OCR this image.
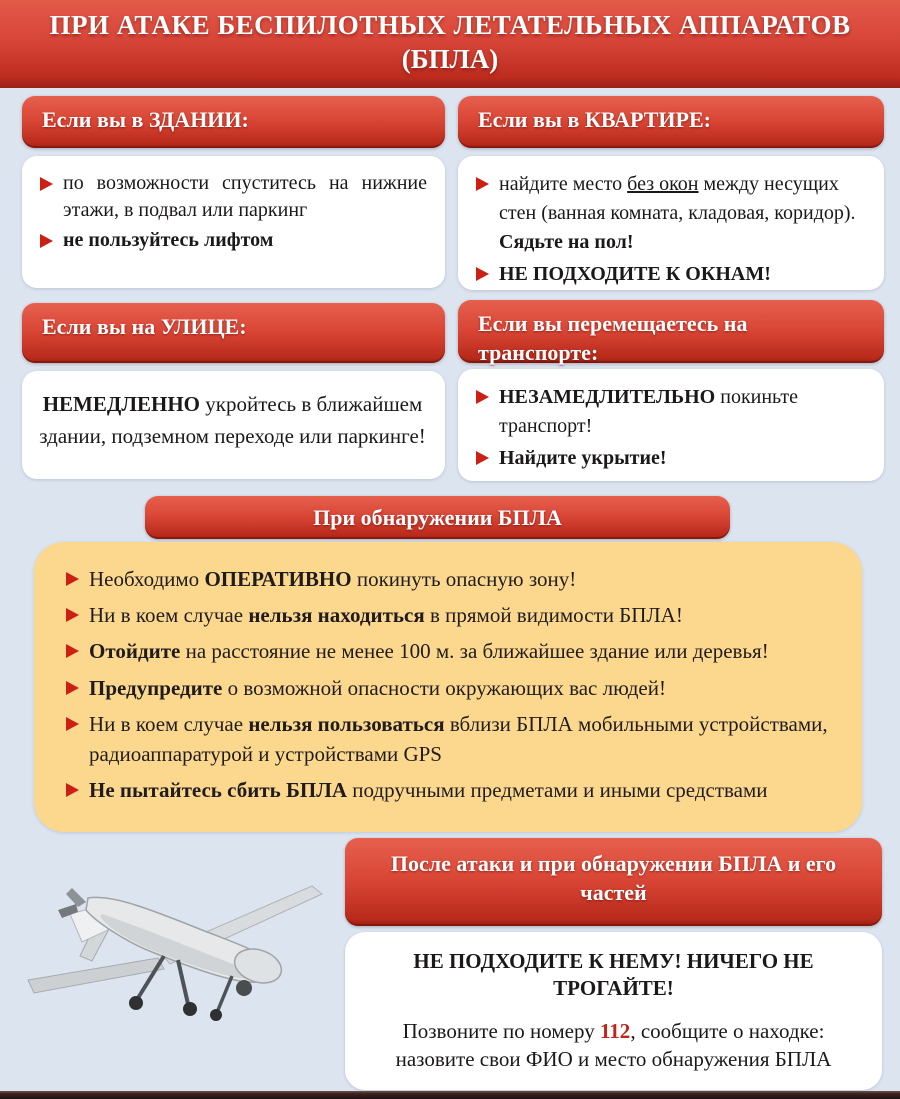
ПРИ АТАКЕ БЕСПИЛОТНЫХ ЛЕТАТЕЛЬНЫХ АППАРАТОВ
(БПЛА)
Если вы в ЗДАНИИ:
по возможности спуститесь на нижние этажи, в подвал или паркинг
не пользуйтесь лифтом
Если вы в КВАРТИРЕ:
найдите место без окон между несущих стен (ванная комната, кладовая, коридор). Сядьте на пол!
НЕ ПОДХОДИТЕ К ОКНАМ!
Если вы на УЛИЦЕ:
НЕМЕДЛЕННО укройтесь в ближайшем здании, подземном переходе или паркинге!
Если вы перемещаетесь на транспорте:
НЕЗАМЕДЛИТЕЛЬНО покиньте транспорт!
Найдите укрытие!
При обнаружении БПЛА
Необходимо ОПЕРАТИВНО покинуть опасную зону!
Ни в коем случае нельзя находиться в прямой видимости БПЛА!
Отойдите на расстояние не менее 100 м. за ближайшее здание или деревья!
Предупредите о возможной опасности окружающих вас людей!
Ни в коем случае нельзя пользоваться вблизи БПЛА мобильными устройствами, радиоаппаратурой и устройствами GPS
Не пытайтесь сбить БПЛА подручными предметами и иными средствами
После атаки и при обнаружении БПЛА и его частей
НЕ ПОДХОДИТЕ К НЕМУ! НИЧЕГО НЕ ТРОГАЙТЕ!
Позвоните по номеру 112, сообщите о находке: назовите свои ФИО и место обнаружения БПЛА
